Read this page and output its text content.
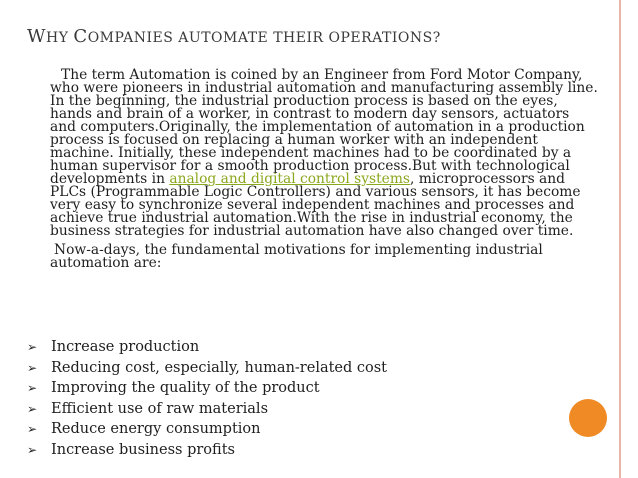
WHY COMPANIES AUTOMATE THEIR OPERATIONS?

The term Automation is coined by an Engineer from Ford Motor Company, who were pioneers in industrial automation and manufacturing assembly line. In the beginning, the industrial production process is based on the eyes, hands and brain of a worker, in contrast to modern day sensors, actuators and computers.Originally, the implementation of automation in a production process is focused on replacing a human worker with an independent machine. Initially, these independent machines had to be coordinated by a human supervisor for a smooth production process.But with technological developments in analog and digital control systems, microprocessors and PLCs (Programmable Logic Controllers) and various sensors, it has become very easy to synchronize several independent machines and processes and achieve true industrial automation.With the rise in industrial economy, the business strategies for industrial automation have also changed over time.

Now-a-days, the fundamental motivations for implementing industrial automation are:

➢ Increase production
➢ Reducing cost, especially, human-related cost
➢ Improving the quality of the product
➢ Efficient use of raw materials
➢ Reduce energy consumption
➢ Increase business profits
